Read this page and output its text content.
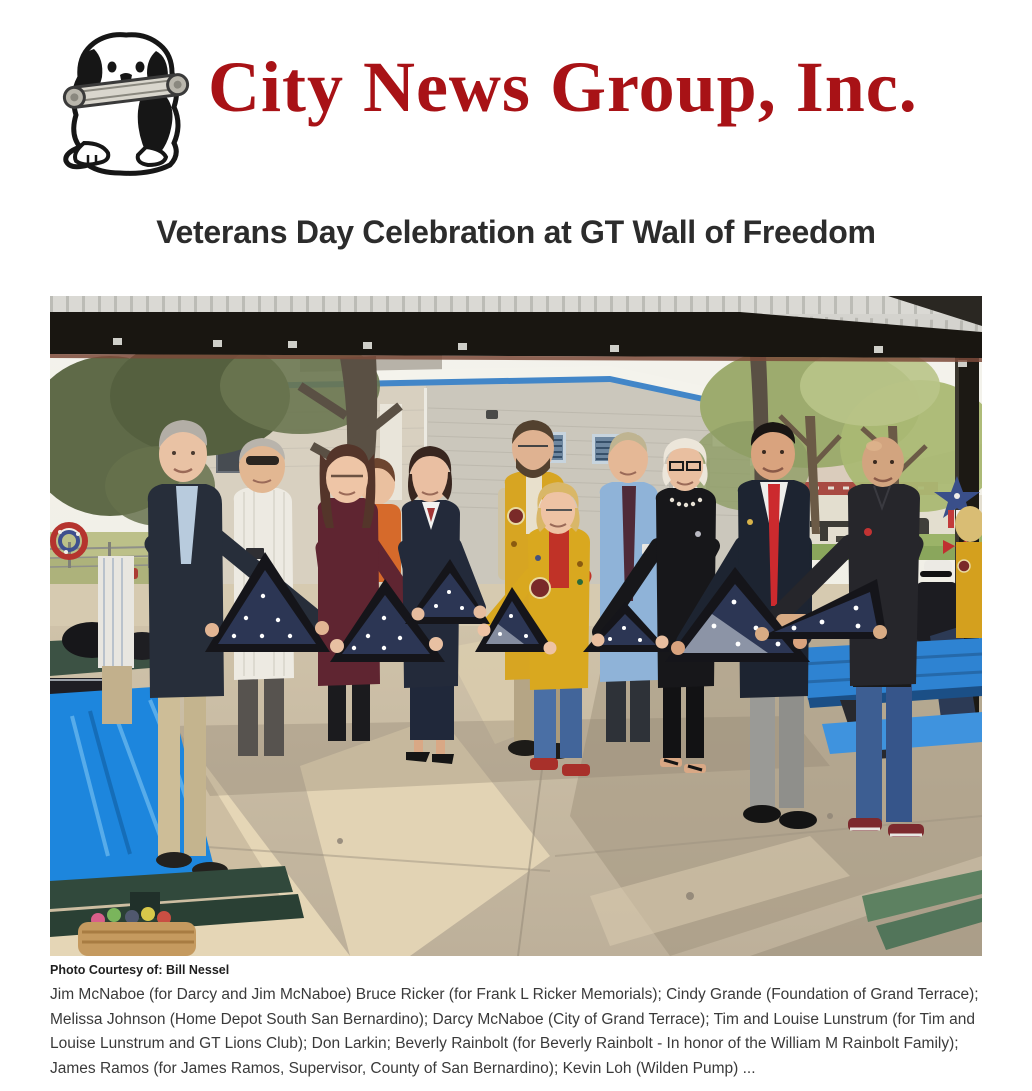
City News Group, Inc.
Veterans Day Celebration at GT Wall of Freedom
Photo Courtesy of: Bill Nessel

Jim McNaboe (for Darcy and Jim McNaboe) Bruce Ricker (for Frank L Ricker Memorials); Cindy Grande (Foundation of Grand Terrace); Melissa Johnson (Home Depot South San Bernardino); Darcy McNaboe (City of Grand Terrace); Tim and Louise Lunstrum (for Tim and Louise Lunstrum and GT Lions Club); Don Larkin; Beverly Rainbolt (for Beverly Rainbolt - In honor of the William M Rainbolt Family); James Ramos (for James Ramos, Supervisor, County of San Bernardino); Kevin Loh (Wilden Pump) ...
